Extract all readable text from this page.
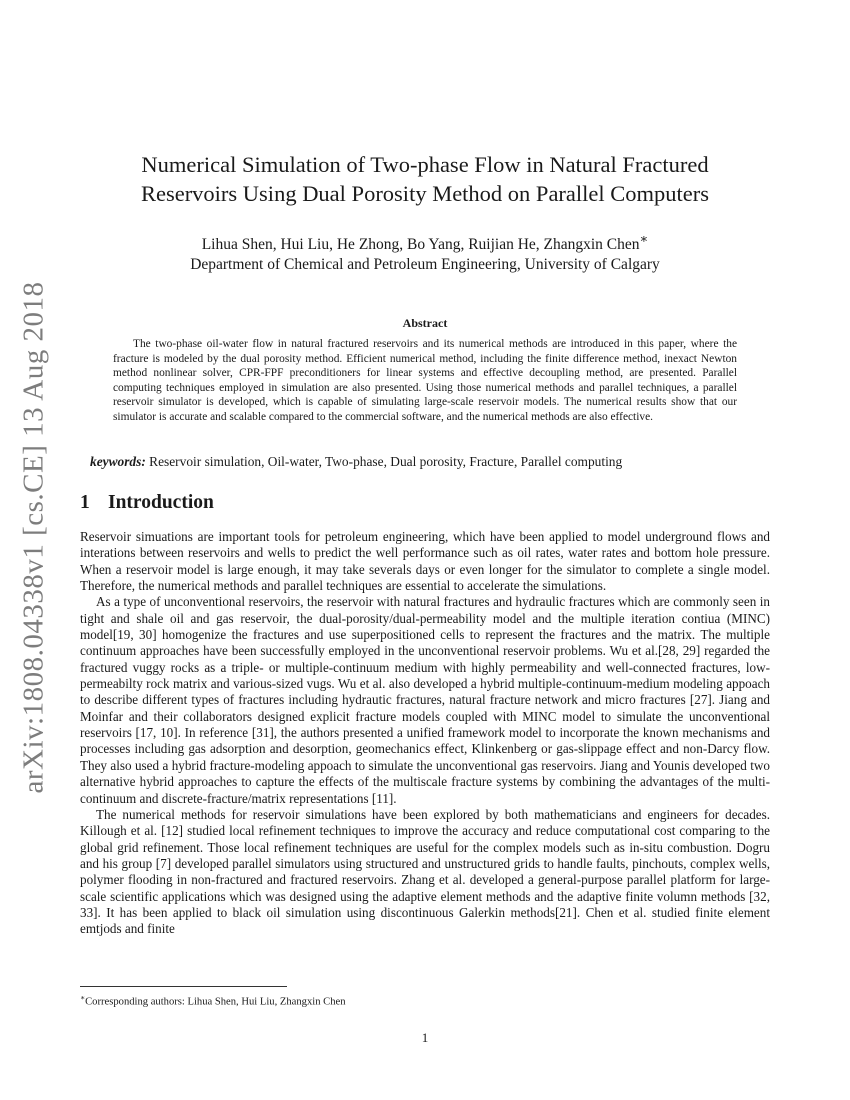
arXiv:1808.04338v1 [cs.CE] 13 Aug 2018
Numerical Simulation of Two-phase Flow in Natural Fractured
Reservoirs Using Dual Porosity Method on Parallel Computers
Lihua Shen, Hui Liu, He Zhong, Bo Yang, Ruijian He, Zhangxin Chen∗
Department of Chemical and Petroleum Engineering, University of Calgary
Abstract
The two-phase oil-water flow in natural fractured reservoirs and its numerical methods are introduced in this paper, where the fracture is modeled by the dual porosity method. Efficient numerical method, including the finite difference method, inexact Newton method nonlinear solver, CPR-FPF preconditioners for linear systems and effective decoupling method, are presented. Parallel computing techniques employed in simulation are also presented. Using those numerical methods and parallel techniques, a parallel reservoir simulator is developed, which is capable of simulating large-scale reservoir models. The numerical results show that our simulator is accurate and scalable compared to the commercial software, and the numerical methods are also effective.
keywords: Reservoir simulation, Oil-water, Two-phase, Dual porosity, Fracture, Parallel computing
1 Introduction

Reservoir simuations are important tools for petroleum engineering, which have been applied to model underground flows and interations between reservoirs and wells to predict the well performance such as oil rates, water rates and bottom hole pressure. When a reservoir model is large enough, it may take severals days or even longer for the simulator to complete a single model. Therefore, the numerical methods and parallel techniques are essential to accelerate the simulations.

As a type of unconventional reservoirs, the reservoir with natural fractures and hydraulic fractures which are commonly seen in tight and shale oil and gas reservoir, the dual-porosity/dual-permeability model and the multiple iteration contiua (MINC) model[19, 30] homogenize the fractures and use superpositioned cells to represent the fractures and the matrix. The multiple continuum approaches have been successfully employed in the unconventional reservoir problems. Wu et al.[28, 29] regarded the fractured vuggy rocks as a triple- or multiple-continuum medium with highly permeability and well-connected fractures, low-permeabilty rock matrix and various-sized vugs. Wu et al. also developed a hybrid multiple-continuum-medium modeling appoach to describe different types of fractures including hydrautic fractures, natural fracture network and micro fractures [27]. Jiang and Moinfar and their collaborators designed explicit fracture models coupled with MINC model to simulate the unconventional reservoirs [17, 10]. In reference [31], the authors presented a unified framework model to incorporate the known mechanisms and processes including gas adsorption and desorption, geomechanics effect, Klinkenberg or gas-slippage effect and non-Darcy flow. They also used a hybrid fracture-modeling appoach to simulate the unconventional gas reservoirs. Jiang and Younis developed two alternative hybrid approaches to capture the effects of the multiscale fracture systems by combining the advantages of the multi-continuum and discrete-fracture/matrix representations [11].

The numerical methods for reservoir simulations have been explored by both mathematicians and engineers for decades. Killough et al. [12] studied local refinement techniques to improve the accuracy and reduce computational cost comparing to the global grid refinement. Those local refinement techniques are useful for the complex models such as in-situ combustion. Dogru and his group [7] developed parallel simulators using structured and unstructured grids to handle faults, pinchouts, complex wells, polymer flooding in non-fractured and fractured reservoirs. Zhang et al. developed a general-purpose parallel platform for large-scale scientific applications which was designed using the adaptive element methods and the adaptive finite volumn methods [32, 33]. It has been applied to black oil simulation using discontinuous Galerkin methods[21]. Chen et al. studied finite element emtjods and finite

∗Corresponding authors: Lihua Shen, Hui Liu, Zhangxin Chen
1
